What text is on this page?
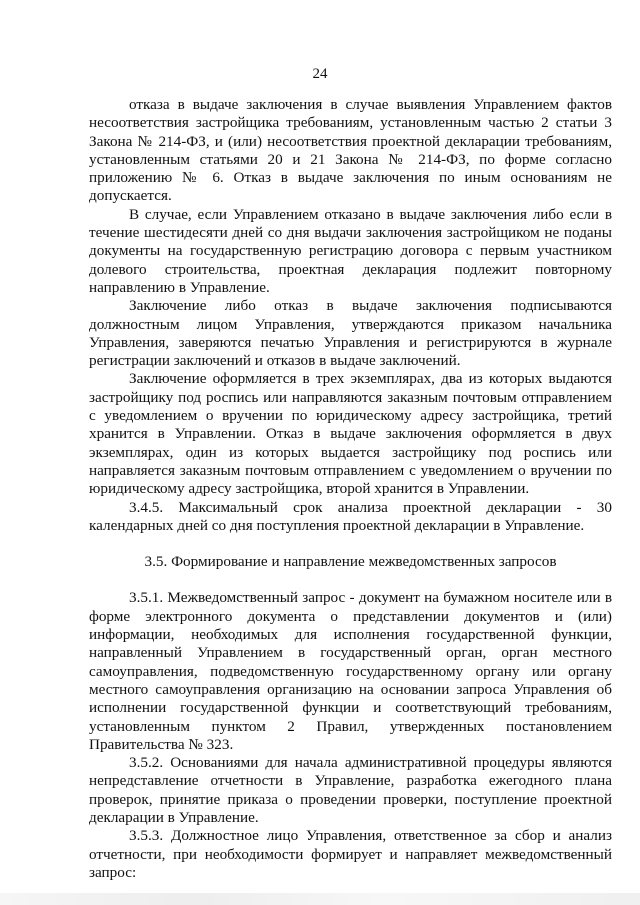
24

отказа в выдаче заключения в случае выявления Управлением фактов несоответствия застройщика требованиям, установленным частью 2 статьи 3 Закона № 214-ФЗ, и (или) несоответствия проектной декларации требованиям, установленным статьями 20 и 21 Закона № 214-ФЗ, по форме согласно приложению № 6. Отказ в выдаче заключения по иным основаниям не допускается.

В случае, если Управлением отказано в выдаче заключения либо если в течение шестидесяти дней со дня выдачи заключения застройщиком не поданы документы на государственную регистрацию договора с первым участником долевого строительства, проектная декларация подлежит повторному направлению в Управление.

Заключение либо отказ в выдаче заключения подписываются должностным лицом Управления, утверждаются приказом начальника Управления, заверяются печатью Управления и регистрируются в журнале регистрации заключений и отказов в выдаче заключений.

Заключение оформляется в трех экземплярах, два из которых выдаются застройщику под роспись или направляются заказным почтовым отправлением с уведомлением о вручении по юридическому адресу застройщика, третий хранится в Управлении. Отказ в выдаче заключения оформляется в двух экземплярах, один из которых выдается застройщику под роспись или направляется заказным почтовым отправлением с уведомлением о вручении по юридическому адресу застройщика, второй хранится в Управлении.

3.4.5. Максимальный срок анализа проектной декларации - 30 календарных дней со дня поступления проектной декларации в Управление.

3.5. Формирование и направление межведомственных запросов

3.5.1. Межведомственный запрос - документ на бумажном носителе или в форме электронного документа о представлении документов и (или) информации, необходимых для исполнения государственной функции, направленный Управлением в государственный орган, орган местного самоуправления, подведомственную государственному органу или органу местного самоуправления организацию на основании запроса Управления об исполнении государственной функции и соответствующий требованиям, установленным пунктом 2 Правил, утвержденных постановлением Правительства № 323.

3.5.2. Основаниями для начала административной процедуры являются непредставление отчетности в Управление, разработка ежегодного плана проверок, принятие приказа о проведении проверки, поступление проектной декларации в Управление.

3.5.3. Должностное лицо Управления, ответственное за сбор и анализ отчетности, при необходимости формирует и направляет межведомственный запрос:
